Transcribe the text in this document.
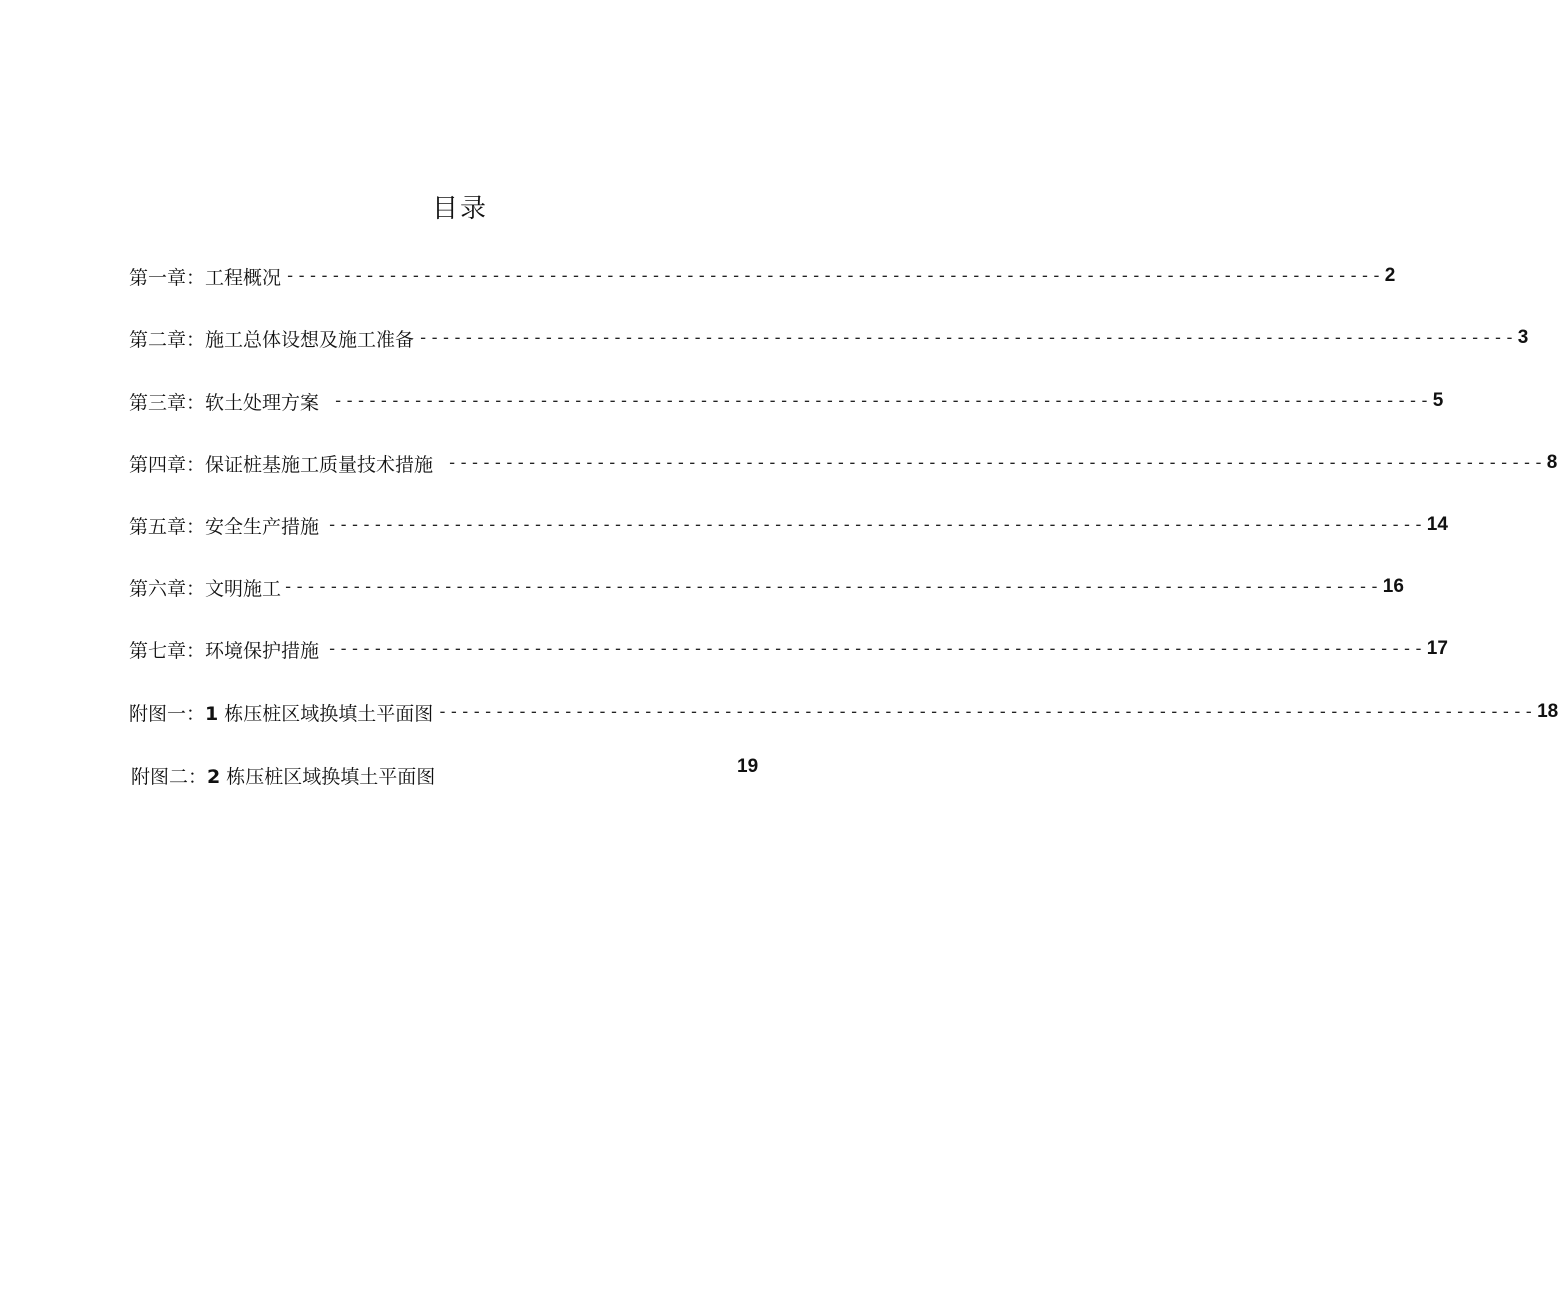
目录
第一章：工程概况 ------------------------------------------------------------------------------------------------ 2
第二章：施工总体设想及施工准备 ------------------------------------------------------------------------------------------------ 3
第三章：软土处理方案 ------------------------------------------------------------------------------------------------ 5
第四章：保证桩基施工质量技术措施 ------------------------------------------------------------------------------------------------ 8
第五章：安全生产措施 ------------------------------------------------------------------------------------------------ 14
第六章：文明施工 ------------------------------------------------------------------------------------------------ 16
第七章：环境保护措施 ------------------------------------------------------------------------------------------------ 17
附图一：1 栋压桩区域换填土平面图 ------------------------------------------------------------------------------------------------ 18
附图二：2 栋压桩区域换填土平面图	19
